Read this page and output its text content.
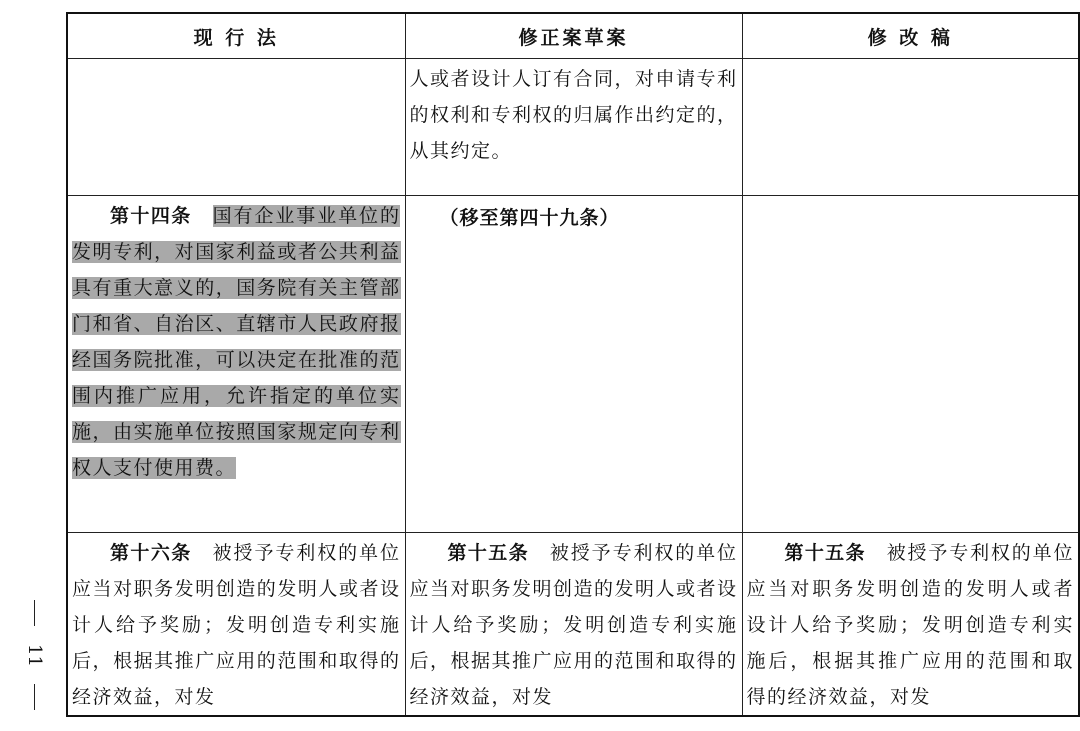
11
现 行 法	修正案草案	修 改 稿

	人或者设计人订有合同，对申请专利的权利和专利权的归属作出约定的，从其约定。	

第十四条　 国有企业事业单位的发明专利，对国家利益或者公共利益具有重大意义的，国务院有关主管部门和省、自治区、直辖市人民政府报经国务院批准，可以决定在批准的范围内推广应用，允许指定的单位实施，由实施单位按照国家规定向专利权人支付使用费。	（移至第四十九条）	

第十六条　 被授予专利权的单位应当对职务发明创造的发明人或者设计人给予奖励；发明创造专利实施后，根据其推广应用的范围和取得的经济效益，对发	第十五条　 被授予专利权的单位应当对职务发明创造的发明人或者设计人给予奖励；发明创造专利实施后，根据其推广应用的范围和取得的经济效益，对发	第十五条　 被授予专利权的单位应当对职务发明创造的发明人或者设计人给予奖励；发明创造专利实施后，根据其推广应用的范围和取得的经济效益，对发
